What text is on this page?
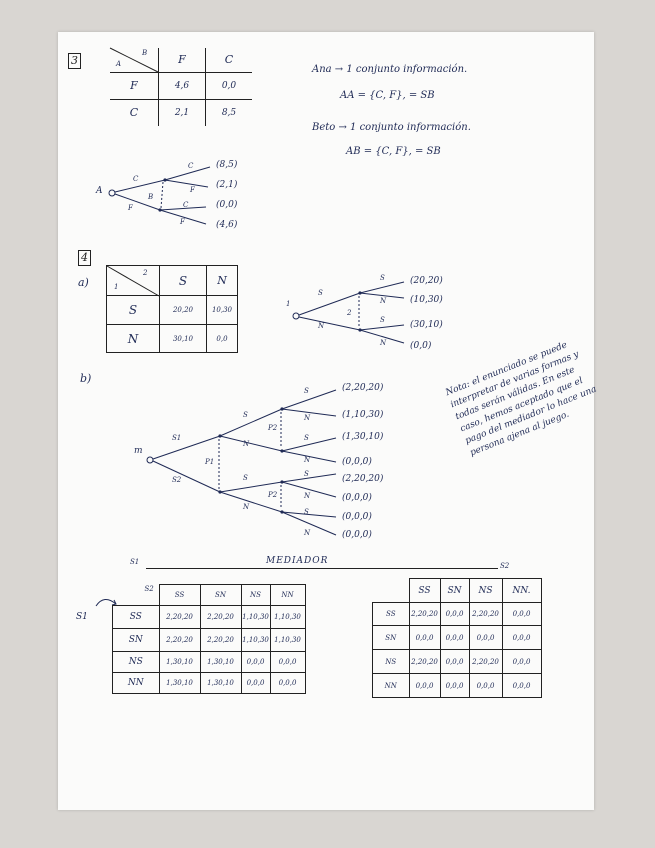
3	A
B	F	C
F	4,6	0,0
C	2,1	8,5
Ana → 1 conjunto información.
AA = {C, F}, = SB
Beto → 1 conjunto información.
AB = {C, F}, = SB
A
B
C
F
C
F
C
F
(8,5)
(2,1)
(0,0)
(4,6)
4
a)	1
2	S	N
S	20,20	10,30
N	30,10	0,0
1
2
S
N
S
N
S
N
(20,20)
(10,30)
(30,10)
(0,0)
b)
m
S1
S2
P1
P2
P2
S
N
S
N
S
N
S
N
S
N
S
N
(2,20,20)
(1,10,30)
(1,30,10)
(0,0,0)
(2,20,20)
(0,0,0)
(0,0,0)
(0,0,0)
Nota: el enunciado se puede interpretar de varias formas y todas serán válidas. En este caso, hemos aceptado que el pago del mediador lo hace una persona ajena al juego.
S1	MEDIADOR	S2
S1
S2	SS	SN	NS	NN
SS	2,20,20	2,20,20	1,10,30	1,10,30
SN	2,20,20	2,20,20	1,10,30	1,10,30
NS	1,30,10	1,30,10	0,0,0	0,0,0
NN	1,30,10	1,30,10	0,0,0	0,0,0
	SS	SN	NS	NN.
SS	2,20,20	0,0,0	2,20,20	0,0,0
SN	0,0,0	0,0,0	0,0,0	0,0,0
NS	2,20,20	0,0,0	2,20,20	0,0,0
NN	0,0,0	0,0,0	0,0,0	0,0,0
